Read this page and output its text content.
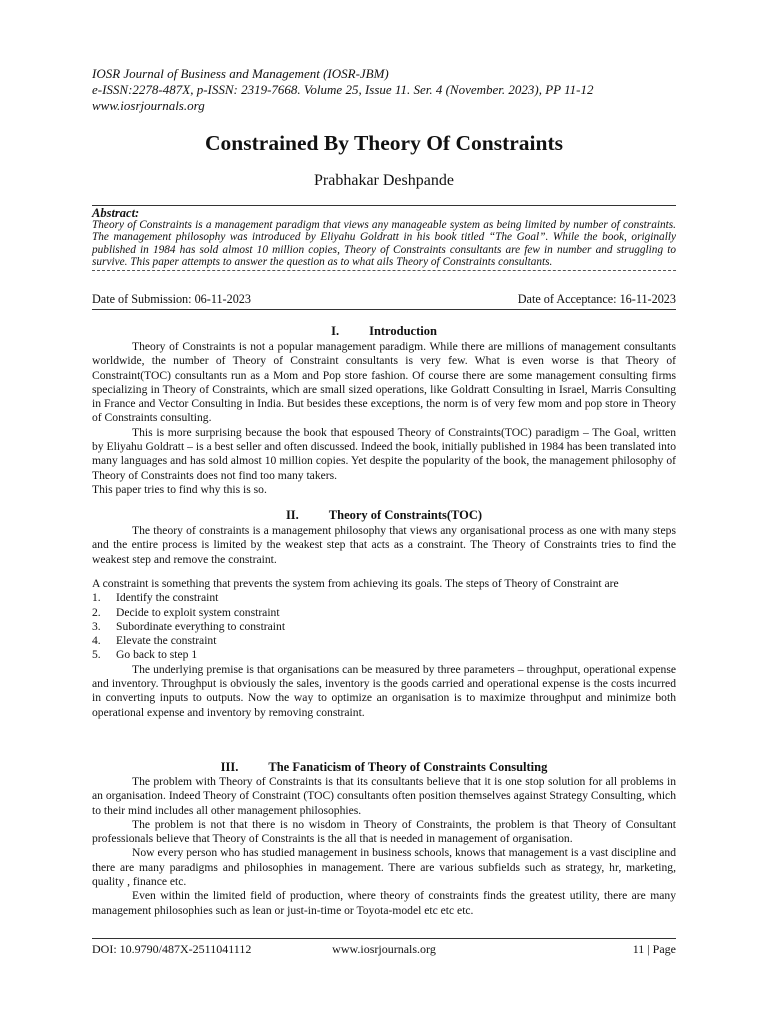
IOSR Journal of Business and Management (IOSR-JBM)
e-ISSN:2278-487X, p-ISSN: 2319-7668. Volume 25, Issue 11. Ser. 4 (November. 2023), PP 11-12
www.iosrjournals.org
Constrained By Theory Of Constraints
Prabhakar Deshpande
Abstract:
Theory of Constraints is a management paradigm that views any manageable system as being limited by number of constraints. The management philosophy was introduced by Eliyahu Goldratt in his book titled “The Goal”. While the book, originally published in 1984 has sold almost 10 million copies, Theory of Constraints consultants are few in number and struggling to survive. This paper attempts to answer the question as to what ails Theory of Constraints consultants.
Date of Submission: 06-11-2023	Date of Acceptance: 16-11-2023
I. Introduction

Theory of Constraints is not a popular management paradigm. While there are millions of management consultants worldwide, the number of Theory of Constraint consultants is very few. What is even worse is that Theory of Constraint(TOC) consultants run as a Mom and Pop store fashion. Of course there are some management consulting firms specializing in Theory of Constraints, which are small sized operations, like Goldratt Consulting in Israel, Marris Consulting in France and Vector Consulting in India. But besides these exceptions, the norm is of very few mom and pop store in Theory of Constraints consulting.

This is more surprising because the book that espoused Theory of Constraints(TOC) paradigm – The Goal, written by Eliyahu Goldratt – is a best seller and often discussed. Indeed the book, initially published in 1984 has been translated into many languages and has sold almost 10 million copies. Yet despite the popularity of the book, the management philosophy of Theory of Constraints does not find too many takers.

This paper tries to find why this is so.

II. Theory of Constraints(TOC)

The theory of constraints is a management philosophy that views any organisational process as one with many steps and the entire process is limited by the weakest step that acts as a constraint. The Theory of Constraints tries to find the weakest step and remove the constraint.

A constraint is something that prevents the system from achieving its goals. The steps of Theory of Constraint are

1.	Identify the constraint
2.	Decide to exploit system constraint
3.	Subordinate everything to constraint
4.	Elevate the constraint
5.	Go back to step 1

The underlying premise is that organisations can be measured by three parameters – throughput, operational expense and inventory. Throughput is obviously the sales, inventory is the goods carried and operational expense is the costs incurred in converting inputs to outputs. Now the way to optimize an organisation is to maximize throughput and minimize both operational expense and inventory by removing constraint.

III. The Fanaticism of Theory of Constraints Consulting

The problem with Theory of Constraints is that its consultants believe that it is one stop solution for all problems in an organisation. Indeed Theory of Constraint (TOC) consultants often position themselves against Strategy Consulting, which to their mind includes all other management philosophies.

The problem is not that there is no wisdom in Theory of Constraints, the problem is that Theory of Consultant professionals believe that Theory of Constraints is the all that is needed in management of organisation.

Now every person who has studied management in business schools, knows that management is a vast discipline and there are many paradigms and philosophies in management. There are various subfields such as strategy, hr, marketing, quality , finance etc.

Even within the limited field of production, where theory of constraints finds the greatest utility, there are many management philosophies such as lean or just-in-time or Toyota-model etc etc etc.

DOI: 10.9790/487X-2511041112	www.iosrjournals.org	11 | Page
